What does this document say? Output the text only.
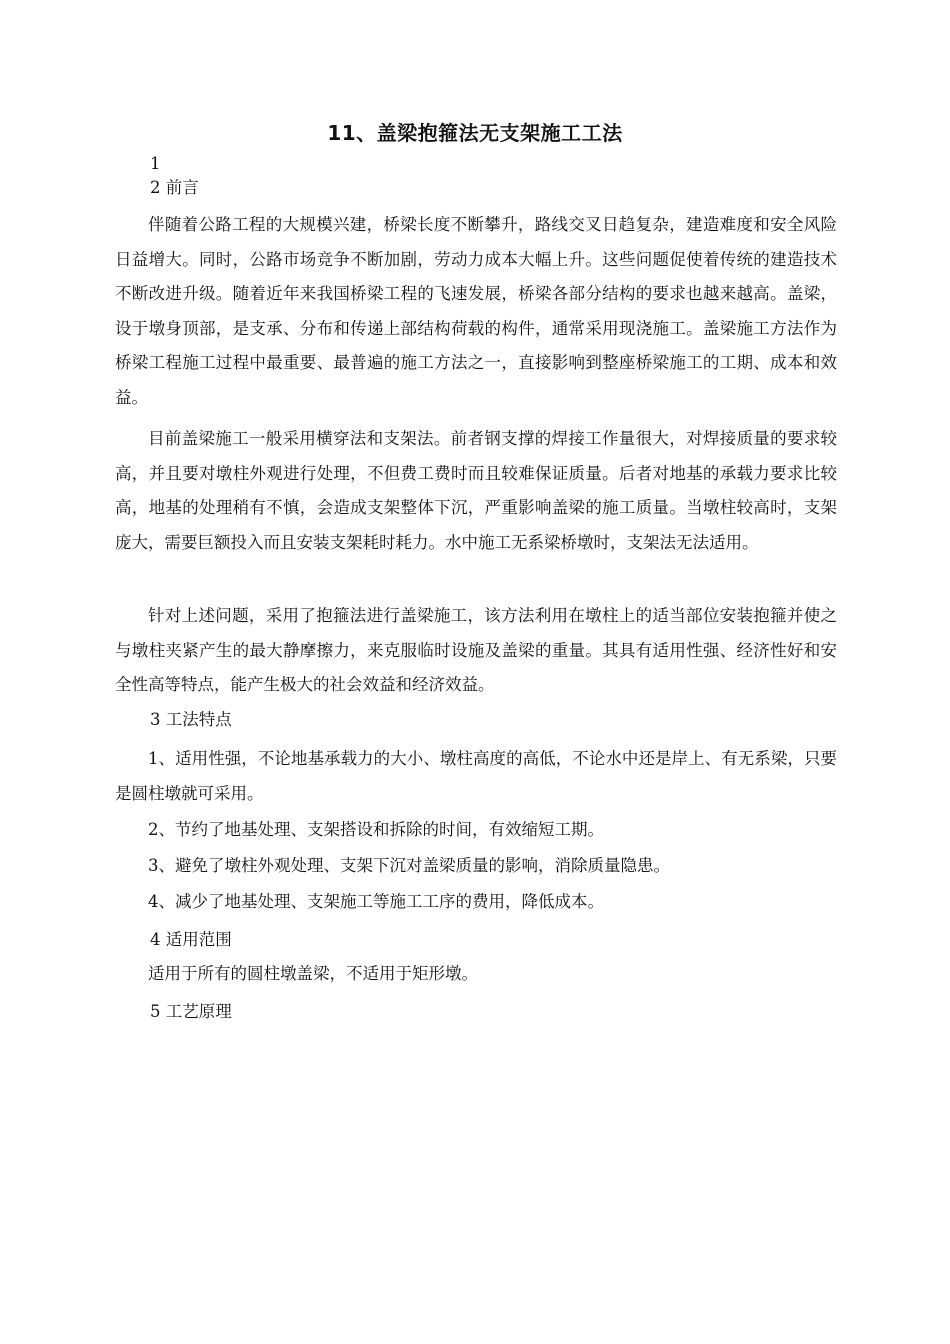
11、盖梁抱箍法无支架施工工法
1
2 前言
伴随着公路工程的大规模兴建，桥梁长度不断攀升，路线交叉日趋复杂，建造难度和安全风险日益增大。同时，公路市场竞争不断加剧，劳动力成本大幅上升。这些问题促使着传统的建造技术不断改进升级。随着近年来我国桥梁工程的飞速发展，桥梁各部分结构的要求也越来越高。盖梁，设于墩身顶部，是支承、分布和传递上部结构荷载的构件，通常采用现浇施工。盖梁施工方法作为桥梁工程施工过程中最重要、最普遍的施工方法之一，直接影响到整座桥梁施工的工期、成本和效益。
目前盖梁施工一般采用横穿法和支架法。前者钢支撑的焊接工作量很大，对焊接质量的要求较高，并且要对墩柱外观进行处理，不但费工费时而且较难保证质量。后者对地基的承载力要求比较高，地基的处理稍有不慎，会造成支架整体下沉，严重影响盖梁的施工质量。当墩柱较高时，支架庞大，需要巨额投入而且安装支架耗时耗力。水中施工无系梁桥墩时，支架法无法适用。
针对上述问题，采用了抱箍法进行盖梁施工，该方法利用在墩柱上的适当部位安装抱箍并使之与墩柱夹紧产生的最大静摩擦力，来克服临时设施及盖梁的重量。其具有适用性强、经济性好和安全性高等特点，能产生极大的社会效益和经济效益。
3 工法特点
1、适用性强，不论地基承载力的大小、墩柱高度的高低，不论水中还是岸上、有无系梁，只要是圆柱墩就可采用。
2、节约了地基处理、支架搭设和拆除的时间，有效缩短工期。
3、避免了墩柱外观处理、支架下沉对盖梁质量的影响，消除质量隐患。
4、减少了地基处理、支架施工等施工工序的费用，降低成本。
4 适用范围
适用于所有的圆柱墩盖梁，不适用于矩形墩。
5 工艺原理
